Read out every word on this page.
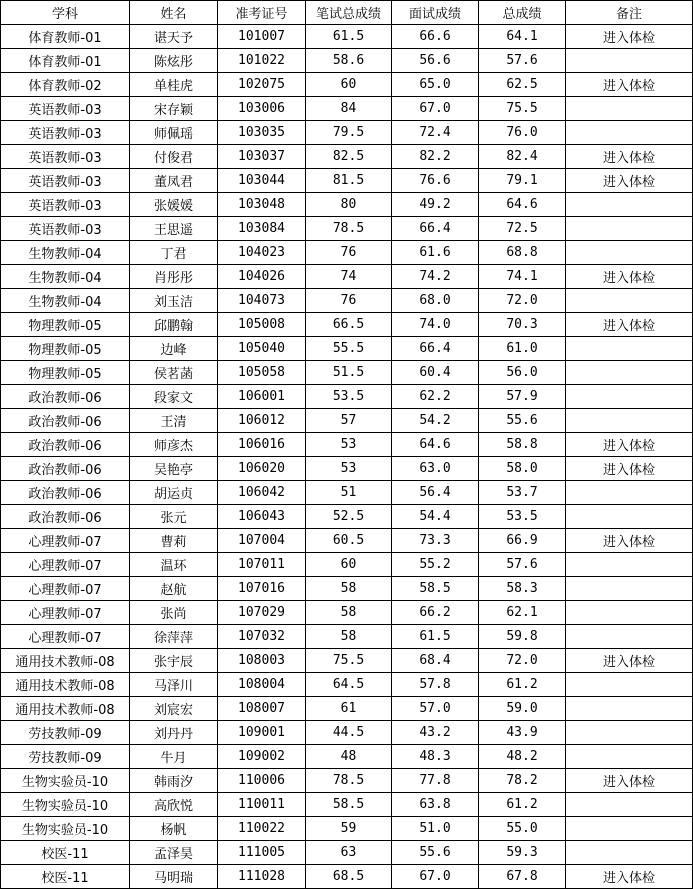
学科	姓名	准考证号	笔试总成绩	面试成绩	总成绩	备注
体育教师-01	谌天予	101007	61.5	66.6	64.1	进入体检
体育教师-01	陈炫彤	101022	58.6	56.6	57.6	
体育教师-02	单桂虎	102075	60	65.0	62.5	进入体检
英语教师-03	宋存颖	103006	84	67.0	75.5	
英语教师-03	师佩瑶	103035	79.5	72.4	76.0	
英语教师-03	付俊君	103037	82.5	82.2	82.4	进入体检
英语教师-03	董凤君	103044	81.5	76.6	79.1	进入体检
英语教师-03	张媛媛	103048	80	49.2	64.6	
英语教师-03	王思遥	103084	78.5	66.4	72.5	
生物教师-04	丁君	104023	76	61.6	68.8	
生物教师-04	肖彤彤	104026	74	74.2	74.1	进入体检
生物教师-04	刘玉洁	104073	76	68.0	72.0	
物理教师-05	邱鹏翰	105008	66.5	74.0	70.3	进入体检
物理教师-05	边峰	105040	55.5	66.4	61.0	
物理教师-05	侯茗菡	105058	51.5	60.4	56.0	
政治教师-06	段家文	106001	53.5	62.2	57.9	
政治教师-06	王清	106012	57	54.2	55.6	
政治教师-06	师彦杰	106016	53	64.6	58.8	进入体检
政治教师-06	吴艳亭	106020	53	63.0	58.0	进入体检
政治教师-06	胡运贞	106042	51	56.4	53.7	
政治教师-06	张元	106043	52.5	54.4	53.5	
心理教师-07	曹莉	107004	60.5	73.3	66.9	进入体检
心理教师-07	温环	107011	60	55.2	57.6	
心理教师-07	赵航	107016	58	58.5	58.3	
心理教师-07	张尚	107029	58	66.2	62.1	
心理教师-07	徐萍萍	107032	58	61.5	59.8	
通用技术教师-08	张宇辰	108003	75.5	68.4	72.0	进入体检
通用技术教师-08	马泽川	108004	64.5	57.8	61.2	
通用技术教师-08	刘宸宏	108007	61	57.0	59.0	
劳技教师-09	刘丹丹	109001	44.5	43.2	43.9	
劳技教师-09	牛月	109002	48	48.3	48.2	
生物实验员-10	韩雨汐	110006	78.5	77.8	78.2	进入体检
生物实验员-10	高欣悦	110011	58.5	63.8	61.2	
生物实验员-10	杨帆	110022	59	51.0	55.0	
校医-11	孟泽昊	111005	63	55.6	59.3	
校医-11	马明瑞	111028	68.5	67.0	67.8	进入体检
